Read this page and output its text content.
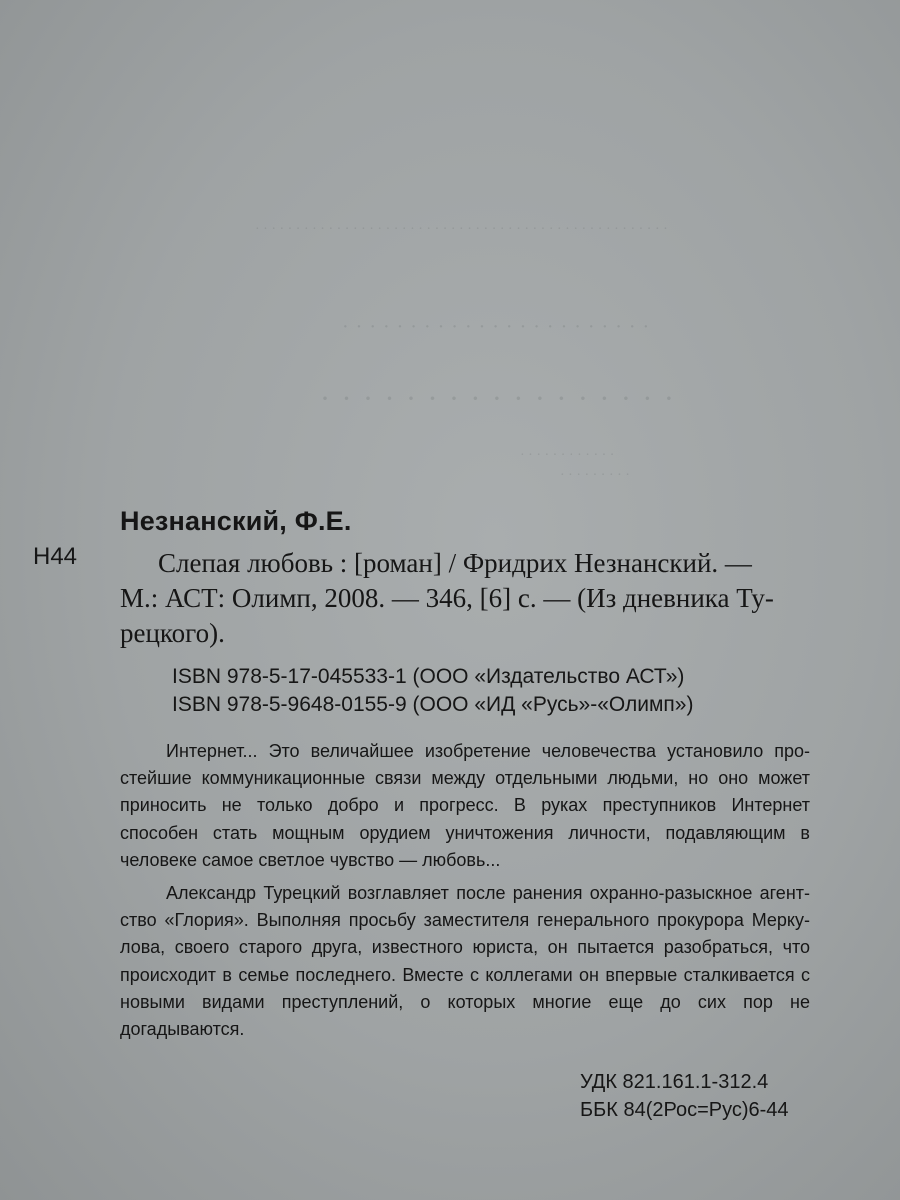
· · · · · · · · · · · · · · · · · · · · · · · · · · · · · · · · · · · · · · · · · · · · · · · · · · ·
· · · · · · · · · · · · · · · · · · · · · · ·
· · · · · · · · · · · · · · · · ·
· · · · · · · · · · · ·
· · · · · · · · ·
Незнанский, Ф.Е.
Н44	Слепая любовь : [роман] / Фридрих Незнанский. —
М.: АСТ: Олимп, 2008. — 346, [6] с. — (Из дневника Ту-
рецкого).
ISBN 978-5-17-045533-1 (ООО «Издательство АСТ»)
ISBN 978-5-9648-0155-9 (ООО «ИД «Русь»-«Олимп»)
Интернет... Это величайшее изобретение человечества установило про-
стейшие коммуникационные связи между отдельными людьми, но оно может
приносить не только добро и прогресс. В руках преступников Интернет
способен стать мощным орудием уничтожения личности, подавляющим в
человеке самое светлое чувство — любовь...
Александр Турецкий возглавляет после ранения охранно-разыскное агент-
ство «Глория». Выполняя просьбу заместителя генерального прокурора Мерку-
лова, своего старого друга, известного юриста, он пытается разобраться, что
происходит в семье последнего. Вместе с коллегами он впервые сталкивается с
новыми видами преступлений, о которых многие еще до сих пор не
догадываются.
УДК 821.161.1-312.4
ББК 84(2Рос=Рус)6-44
